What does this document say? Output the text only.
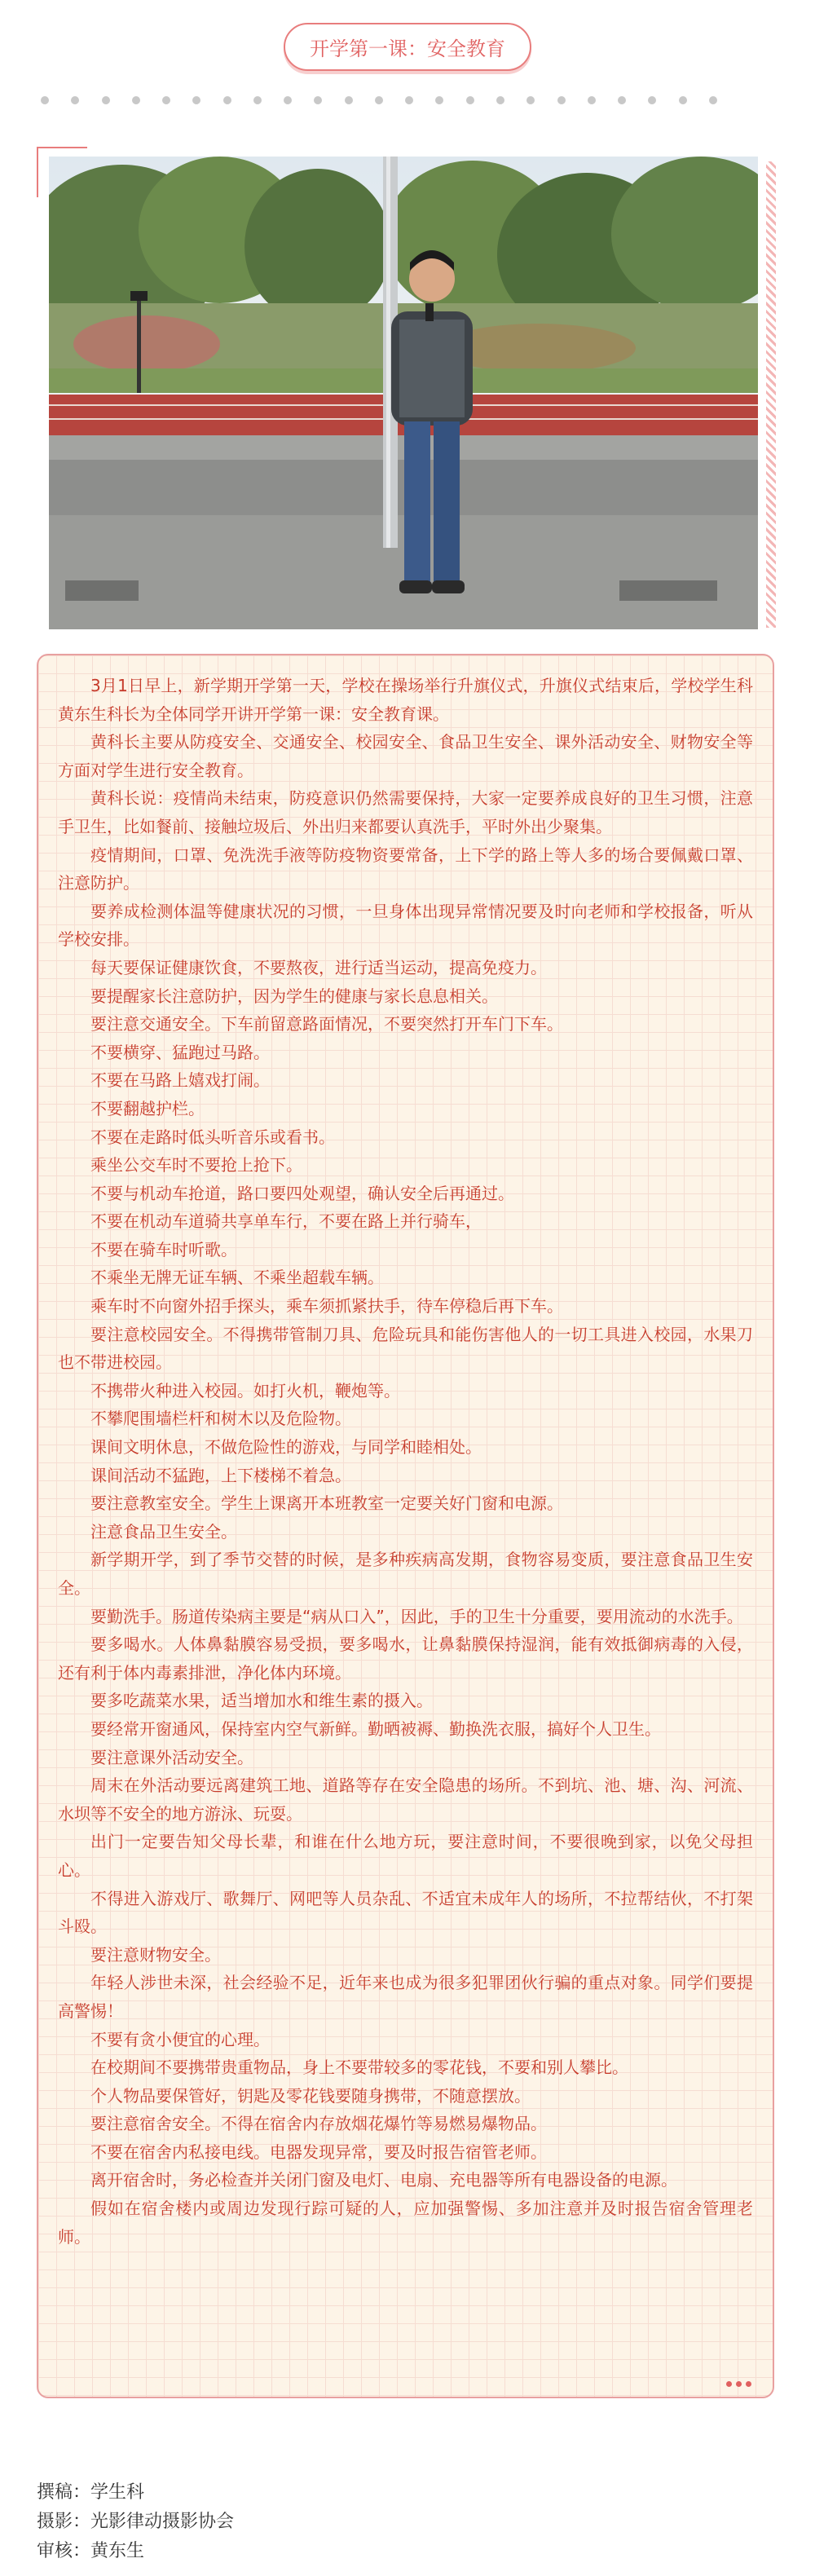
开学第一课：安全教育

3月1日早上，新学期开学第一天，学校在操场举行升旗仪式，升旗仪式结束后，学校学生科黄东生科长为全体同学开讲开学第一课：安全教育课。

黄科长主要从防疫安全、交通安全、校园安全、食品卫生安全、课外活动安全、财物安全等方面对学生进行安全教育。

黄科长说：疫情尚未结束，防疫意识仍然需要保持，大家一定要养成良好的卫生习惯，注意手卫生，比如餐前、接触垃圾后、外出归来都要认真洗手，平时外出少聚集。

疫情期间，口罩、免洗洗手液等防疫物资要常备，上下学的路上等人多的场合要佩戴口罩、注意防护。

要养成检测体温等健康状况的习惯，一旦身体出现异常情况要及时向老师和学校报备，听从学校安排。

每天要保证健康饮食，不要熬夜，进行适当运动，提高免疫力。

要提醒家长注意防护，因为学生的健康与家长息息相关。

要注意交通安全。下车前留意路面情况，不要突然打开车门下车。

不要横穿、猛跑过马路。

不要在马路上嬉戏打闹。

不要翻越护栏。

不要在走路时低头听音乐或看书。

乘坐公交车时不要抢上抢下。

不要与机动车抢道，路口要四处观望，确认安全后再通过。

不要在机动车道骑共享单车行，不要在路上并行骑车，

不要在骑车时听歌。

不乘坐无牌无证车辆、不乘坐超载车辆。

乘车时不向窗外招手探头，乘车须抓紧扶手，待车停稳后再下车。

要注意校园安全。不得携带管制刀具、危险玩具和能伤害他人的一切工具进入校园，水果刀也不带进校园。

不携带火种进入校园。如打火机，鞭炮等。

不攀爬围墙栏杆和树木以及危险物。

课间文明休息，不做危险性的游戏，与同学和睦相处。

课间活动不猛跑，上下楼梯不着急。

要注意教室安全。学生上课离开本班教室一定要关好门窗和电源。

注意食品卫生安全。

新学期开学，到了季节交替的时候，是多种疾病高发期，食物容易变质，要注意食品卫生安全。

要勤洗手。肠道传染病主要是“病从口入”，因此，手的卫生十分重要，要用流动的水洗手。

要多喝水。人体鼻黏膜容易受损，要多喝水，让鼻黏膜保持湿润，能有效抵御病毒的入侵，还有利于体内毒素排泄，净化体内环境。

要多吃蔬菜水果，适当增加水和维生素的摄入。

要经常开窗通风，保持室内空气新鲜。勤晒被褥、勤换洗衣服，搞好个人卫生。

要注意课外活动安全。

周末在外活动要远离建筑工地、道路等存在安全隐患的场所。不到坑、池、塘、沟、河流、水坝等不安全的地方游泳、玩耍。

出门一定要告知父母长辈，和谁在什么地方玩，要注意时间，不要很晚到家，以免父母担心。

不得进入游戏厅、歌舞厅、网吧等人员杂乱、不适宜未成年人的场所，不拉帮结伙，不打架斗殴。

要注意财物安全。

年轻人涉世未深，社会经验不足，近年来也成为很多犯罪团伙行骗的重点对象。同学们要提高警惕！

不要有贪小便宜的心理。

在校期间不要携带贵重物品，身上不要带较多的零花钱，不要和别人攀比。

个人物品要保管好，钥匙及零花钱要随身携带，不随意摆放。

要注意宿舍安全。不得在宿舍内存放烟花爆竹等易燃易爆物品。

不要在宿舍内私接电线。电器发现异常，要及时报告宿管老师。

离开宿舍时，务必检查并关闭门窗及电灯、电扇、充电器等所有电器设备的电源。

假如在宿舍楼内或周边发现行踪可疑的人，应加强警惕、多加注意并及时报告宿舍管理老师。

撰稿：学生科
摄影：光影律动摄影协会
审核：黄东生
